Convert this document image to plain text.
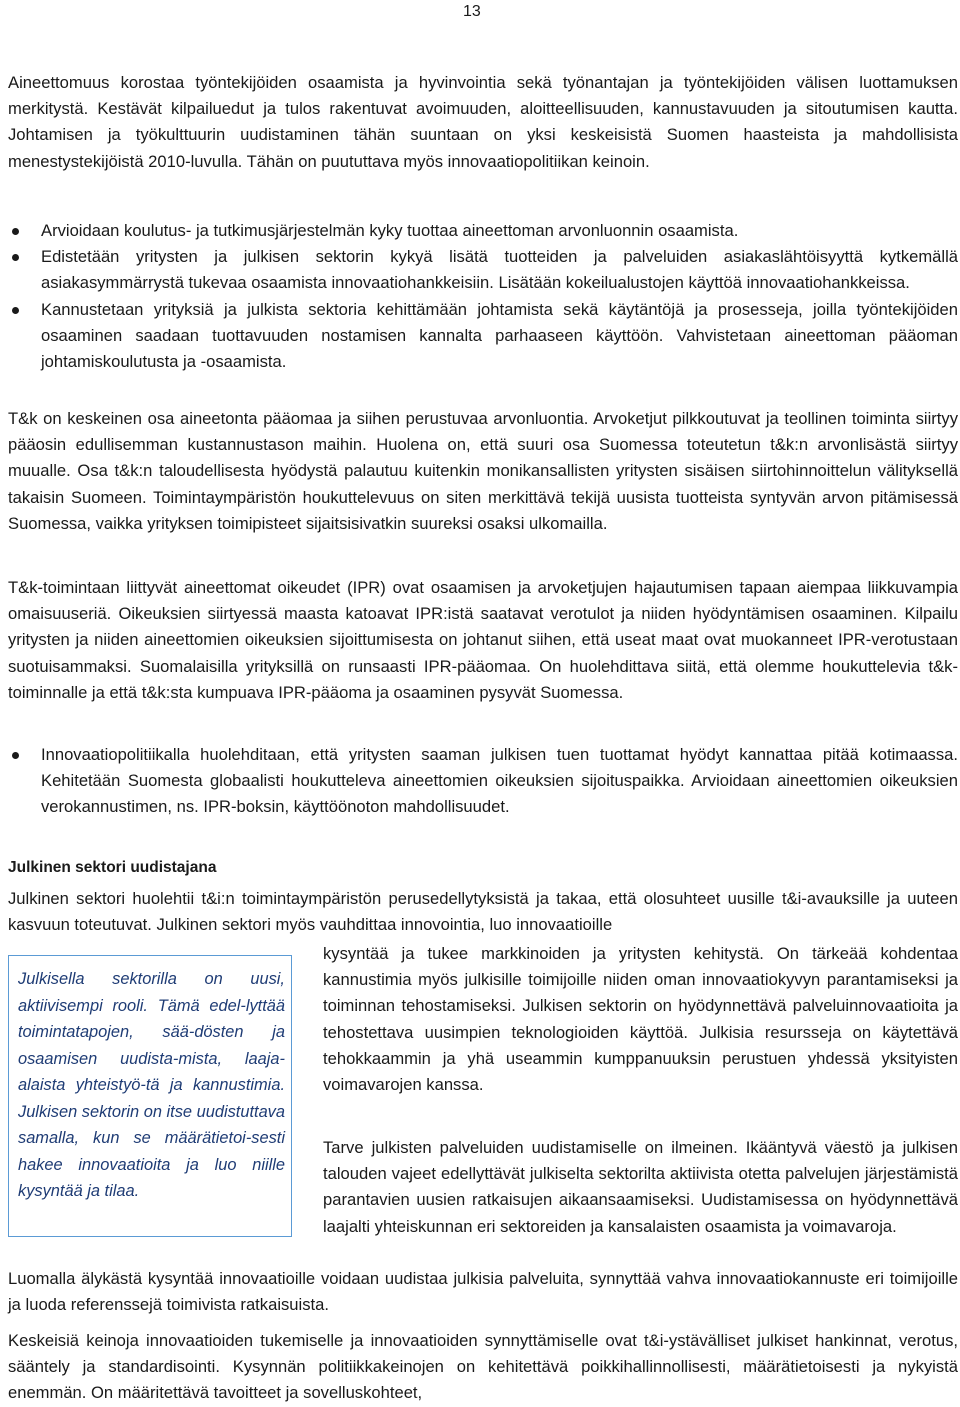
13

Aineettomuus korostaa työntekijöiden osaamista ja hyvinvointia sekä työnantajan ja työntekijöiden välisen luottamuksen merkitystä. Kestävät kilpailuedut ja tulos rakentuvat avoimuuden, aloitteellisuuden, kannustavuuden ja sitoutumisen kautta. Johtamisen ja työkulttuurin uudistaminen tähän suuntaan on yksi keskeisistä Suomen haasteista ja mahdollisista menestystekijöistä 2010-luvulla. Tähän on puututtava myös innovaatiopolitiikan keinoin.

Arvioidaan koulutus- ja tutkimusjärjestelmän kyky tuottaa aineettoman arvonluonnin osaamista.
Edistetään yritysten ja julkisen sektorin kykyä lisätä tuotteiden ja palveluiden asiakaslähtöisyyttä kytkemällä asiakasymmärrystä tukevaa osaamista innovaatiohankkeisiin. Lisätään kokeilualustojen käyttöä innovaatiohankkeissa.
Kannustetaan yrityksiä ja julkista sektoria kehittämään johtamista sekä käytäntöjä ja prosesseja, joilla työntekijöiden osaaminen saadaan tuottavuuden nostamisen kannalta parhaaseen käyttöön. Vahvistetaan aineettoman pääoman johtamiskoulutusta ja -osaamista.

T&k on keskeinen osa aineetonta pääomaa ja siihen perustuvaa arvonluontia. Arvoketjut pilkkoutuvat ja teollinen toiminta siirtyy pääosin edullisemman kustannustason maihin. Huolena on, että suuri osa Suomessa toteutetun t&k:n arvonlisästä siirtyy muualle. Osa t&k:n taloudellisesta hyödystä palautuu kuitenkin monikansallisten yritysten sisäisen siirtohinnoittelun välityksellä takaisin Suomeen. Toimintaympäristön houkuttelevuus on siten merkittävä tekijä uusista tuotteista syntyvän arvon pitämisessä Suomessa, vaikka yrityksen toimipisteet sijaitsisivatkin suureksi osaksi ulkomailla.

T&k-toimintaan liittyvät aineettomat oikeudet (IPR) ovat osaamisen ja arvoketjujen hajautumisen tapaan aiempaa liikkuvampia omaisuuseriä. Oikeuksien siirtyessä maasta katoavat IPR:istä saatavat verotulot ja niiden hyödyntämisen osaaminen. Kilpailu yritysten ja niiden aineettomien oikeuksien sijoittumisesta on johtanut siihen, että useat maat ovat muokanneet IPR-verotustaan suotuisammaksi. Suomalaisilla yrityksillä on runsaasti IPR-pääomaa. On huolehdittava siitä, että olemme houkuttelevia t&k-toiminnalle ja että t&k:sta kumpuava IPR-pääoma ja osaaminen pysyvät Suomessa.

Innovaatiopolitiikalla huolehditaan, että yritysten saaman julkisen tuen tuottamat hyödyt kannattaa pitää kotimaassa. Kehitetään Suomesta globaalisti houkutteleva aineettomien oikeuksien sijoituspaikka. Arvioidaan aineettomien oikeuksien verokannustimen, ns. IPR-boksin, käyttöönoton mahdollisuudet.
Julkinen sektori uudistajana

Julkinen sektori huolehtii t&i:n toimintaympäristön perusedellytyksistä ja takaa, että olosuhteet uusille t&i-avauksille ja uuteen kasvuun toteutuvat. Julkinen sektori myös vauhdittaa innovointia, luo innovaatioille

Julkisella sektorilla on uusi, aktiivisempi rooli. Tämä edel-lyttää toimintatapojen, sää-dösten ja osaamisen uudista-mista, laaja-alaista yhteistyö-tä ja kannustimia. Julkisen sektorin on itse uudistuttava samalla, kun se määrätietoi-sesti hakee innovaatioita ja luo niille kysyntää ja tilaa.

kysyntää ja tukee markkinoiden ja yritysten kehitystä. On tärkeää kohdentaa kannustimia myös julkisille toimijoille niiden oman innovaatiokyvyn parantamiseksi ja toiminnan tehostamiseksi. Julkisen sektorin on hyödynnettävä palveluinnovaatioita ja tehostettava uusimpien teknologioiden käyttöä. Julkisia resursseja on käytettävä tehokkaammin ja yhä useammin kumppanuuksin perustuen yhdessä yksityisten voimavarojen kanssa.

Tarve julkisten palveluiden uudistamiselle on ilmeinen. Ikääntyvä väestö ja julkisen talouden vajeet edellyttävät julkiselta sektorilta aktiivista otetta palvelujen järjestämistä parantavien uusien ratkaisujen aikaansaamiseksi. Uudistamisessa on hyödynnettävä laajalti yhteiskunnan eri sektoreiden ja kansalaisten osaamista ja voimavaroja.

Luomalla älykästä kysyntää innovaatioille voidaan uudistaa julkisia palveluita, synnyttää vahva innovaatiokannuste eri toimijoille ja luoda referenssejä toimivista ratkaisuista.

Keskeisiä keinoja innovaatioiden tukemiselle ja innovaatioiden synnyttämiselle ovat t&i-ystävälliset julkiset hankinnat, verotus, sääntely ja standardisointi. Kysynnän politiikkakeinojen on kehitettävä poikkihallinnollisesti, määrätietoisesti ja nykyistä enemmän. On määritettävä tavoitteet ja sovelluskohteet,
